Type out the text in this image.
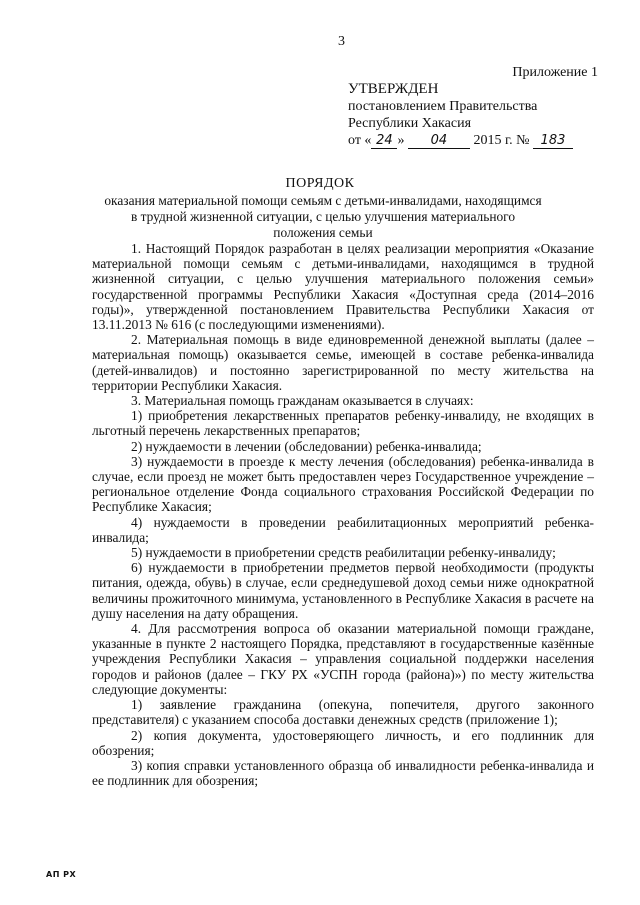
3
Приложение 1
УТВЕРЖДЕН
постановлением Правительства
Республики Хакасия
от « 24 » 04 2015 г. № 183
ПОРЯДОК
оказания материальной помощи семьям с детьми-инвалидами, находящимся в трудной жизненной ситуации, с целью улучшения материального положения семьи

1. Настоящий Порядок разработан в целях реализации мероприятия «Оказание материальной помощи семьям с детьми-инвалидами, находящимся в трудной жизненной ситуации, с целью улучшения материального положения семьи» государственной программы Республики Хакасия «Доступная среда (2014–2016 годы)», утвержденной постановлением Правительства Республики Хакасия от 13.11.2013 № 616 (с последующими изменениями).

2. Материальная помощь в виде единовременной денежной выплаты (далее – материальная помощь) оказывается семье, имеющей в составе ребенка-инвалида (детей-инвалидов) и постоянно зарегистрированной по месту жительства на территории Республики Хакасия.

3. Материальная помощь гражданам оказывается в случаях:

1) приобретения лекарственных препаратов ребенку-инвалиду, не входящих в льготный перечень лекарственных препаратов;

2) нуждаемости в лечении (обследовании) ребенка-инвалида;

3) нуждаемости в проезде к месту лечения (обследования) ребенка-инвалида в случае, если проезд не может быть предоставлен через Государственное учреждение – региональное отделение Фонда социального страхования Российской Федерации по Республике Хакасия;

4) нуждаемости в проведении реабилитационных мероприятий ребенка-инвалида;

5) нуждаемости в приобретении средств реабилитации ребенку-инвалиду;

6) нуждаемости в приобретении предметов первой необходимости (продукты питания, одежда, обувь) в случае, если среднедушевой доход семьи ниже однократной величины прожиточного минимума, установленного в Республике Хакасия в расчете на душу населения на дату обращения.

4. Для рассмотрения вопроса об оказании материальной помощи граждане, указанные в пункте 2 настоящего Порядка, представляют в государственные казённые учреждения Республики Хакасия – управления социальной поддержки населения городов и районов (далее – ГКУ РХ «УСПН города (района)») по месту жительства следующие документы:

1) заявление гражданина (опекуна, попечителя, другого законного представителя) с указанием способа доставки денежных средств (приложение 1);

2) копия документа, удостоверяющего личность, и его подлинник для обозрения;

3) копия справки установленного образца об инвалидности ребенка-инвалида и ее подлинник для обозрения;

АП РХ
